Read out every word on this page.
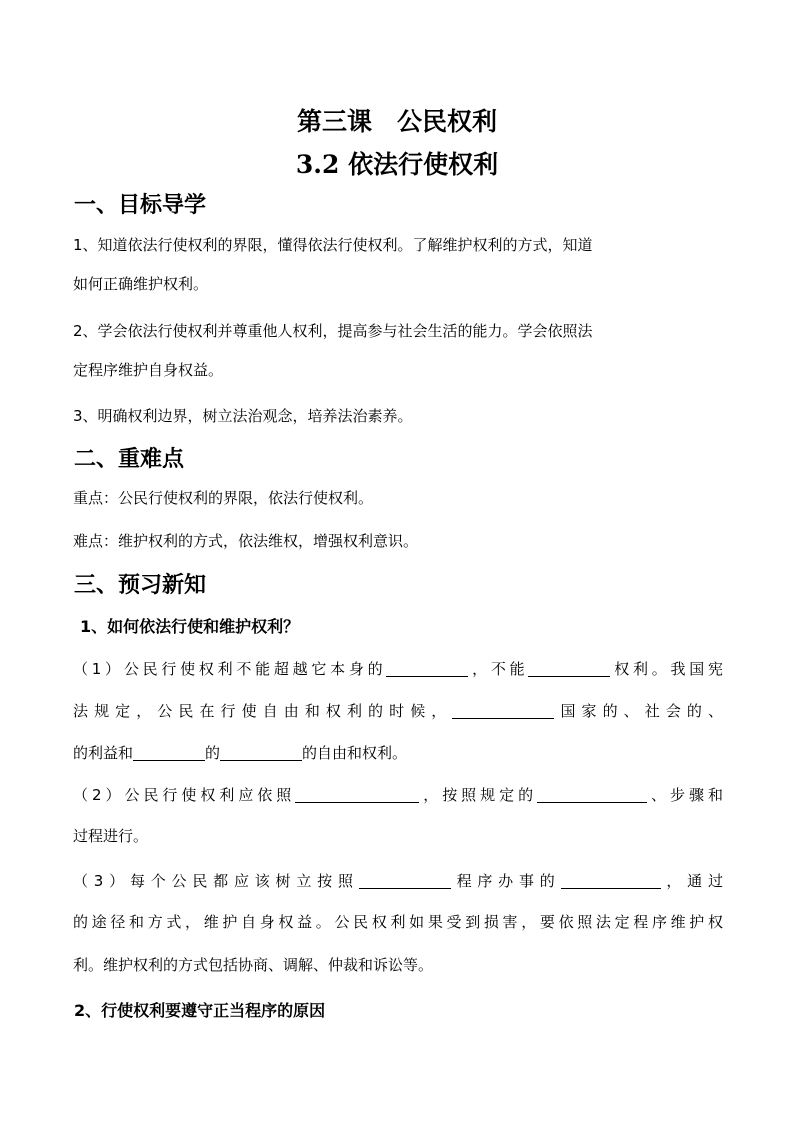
第三课　公民权利
3.2 依法行使权利
一、目标导学
1、知道依法行使权利的界限，懂得依法行使权利。了解维护权利的方式，知道
如何正确维护权利。
2、学会依法行使权利并尊重他人权利，提高参与社会生活的能力。学会依照法
定程序维护自身权益。
3、明确权利边界，树立法治观念，培养法治素养。
二、重难点
重点：公民行使权利的界限，依法行使权利。
难点：维护权利的方式，依法维权，增强权利意识。
三、预习新知
1、如何依法行使和维护权利？
（1）公民行使权利不能超越它本身的	，不能	权利。我国宪
法规定，公民在行使自由和权利的时候，	国家的、社会的、
的利益和	的	的自由和权利。
（2）公民行使权利应依照	，按照规定的	、步骤和
过程进行。
（3）每个公民都应该树立按照	程序办事的	，通过
的途径和方式，维护自身权益。公民权利如果受到损害，要依照法定程序维护权
利。维护权利的方式包括协商、调解、仲裁和诉讼等。
2、行使权利要遵守正当程序的原因
